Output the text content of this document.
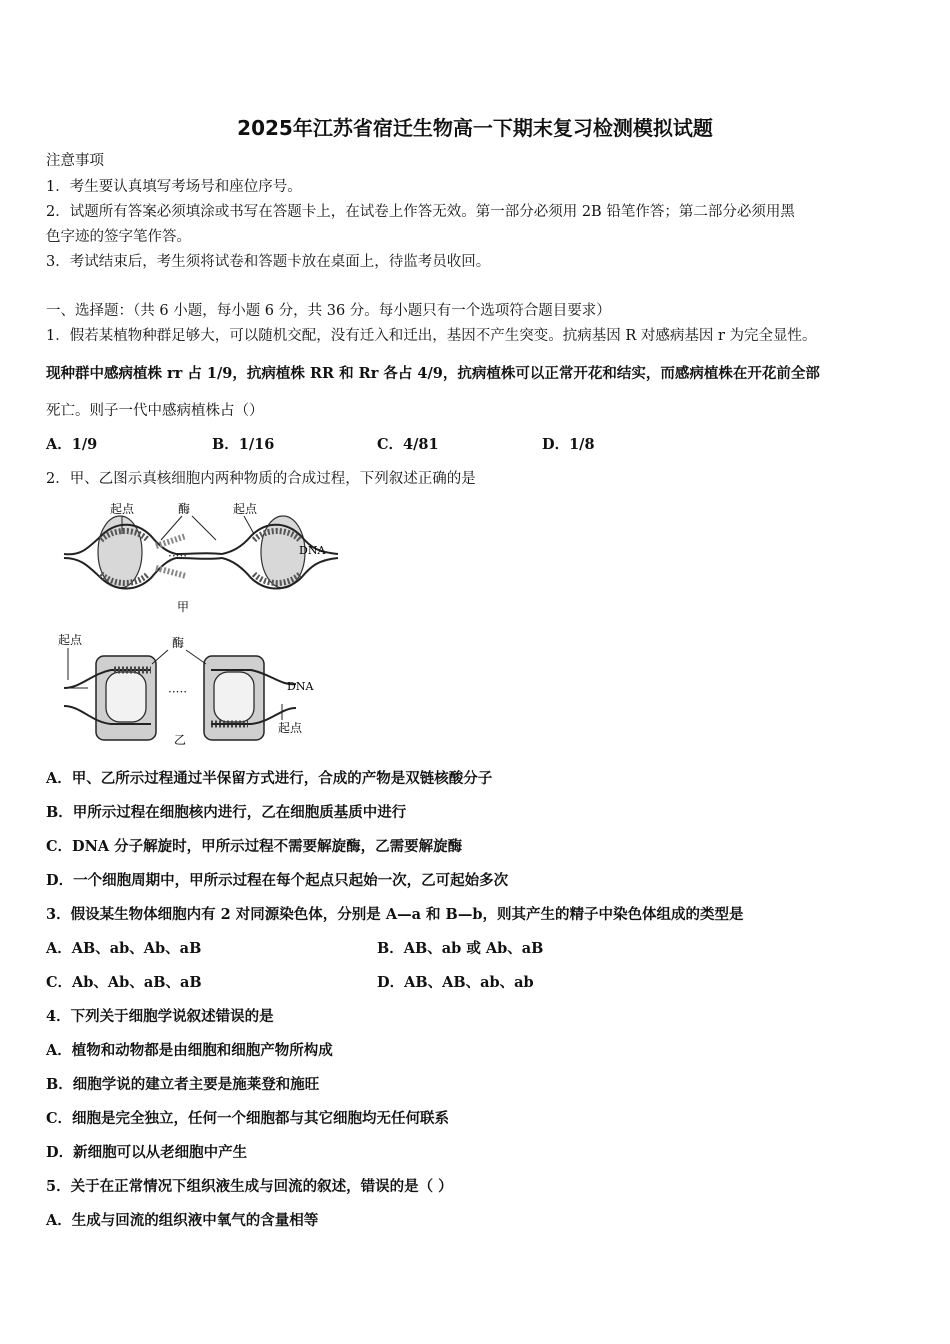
2025年江苏省宿迁生物高一下期末复习检测模拟试题
注意事项
1．考生要认真填写考场号和座位序号。
2．试题所有答案必须填涂或书写在答题卡上，在试卷上作答无效。第一部分必须用 2B 铅笔作答；第二部分必须用黑
色字迹的签字笔作答。
3．考试结束后，考生须将试卷和答题卡放在桌面上，待监考员收回。
一、选择题：（共 6 小题，每小题 6 分，共 36 分。每小题只有一个选项符合题目要求）
1．假若某植物种群足够大，可以随机交配，没有迁入和迁出，基因不产生突变。抗病基因 R 对感病基因 r 为完全显性。
现种群中感病植株 rr 占 1/9，抗病植株 RR 和 Rr 各占 4/9，抗病植株可以正常开花和结实，而感病植株在开花前全部
死亡。则子一代中感病植株占（）
A．1/9	B．1/16	C．4/81	D．1/8
2．甲、乙图示真核细胞内两种物质的合成过程，下列叙述正确的是
·····
起点	酶	起点
DNA
甲
·····
起点	酶
DNA
起点
乙
A．甲、乙所示过程通过半保留方式进行，合成的产物是双链核酸分子
B．甲所示过程在细胞核内进行，乙在细胞质基质中进行
C．DNA 分子解旋时，甲所示过程不需要解旋酶，乙需要解旋酶
D．一个细胞周期中，甲所示过程在每个起点只起始一次，乙可起始多次
3．假设某生物体细胞内有 2 对同源染色体，分别是 A—a 和 B—b，则其产生的精子中染色体组成的类型是
A．AB、ab、Ab、aB	B．AB、ab 或 Ab、aB
C．Ab、Ab、aB、aB	D．AB、AB、ab、ab
4．下列关于细胞学说叙述错误的是
A．植物和动物都是由细胞和细胞产物所构成
B．细胞学说的建立者主要是施莱登和施旺
C．细胞是完全独立，任何一个细胞都与其它细胞均无任何联系
D．新细胞可以从老细胞中产生
5．关于在正常情况下组织液生成与回流的叙述，错误的是（ ）
A．生成与回流的组织液中氧气的含量相等
